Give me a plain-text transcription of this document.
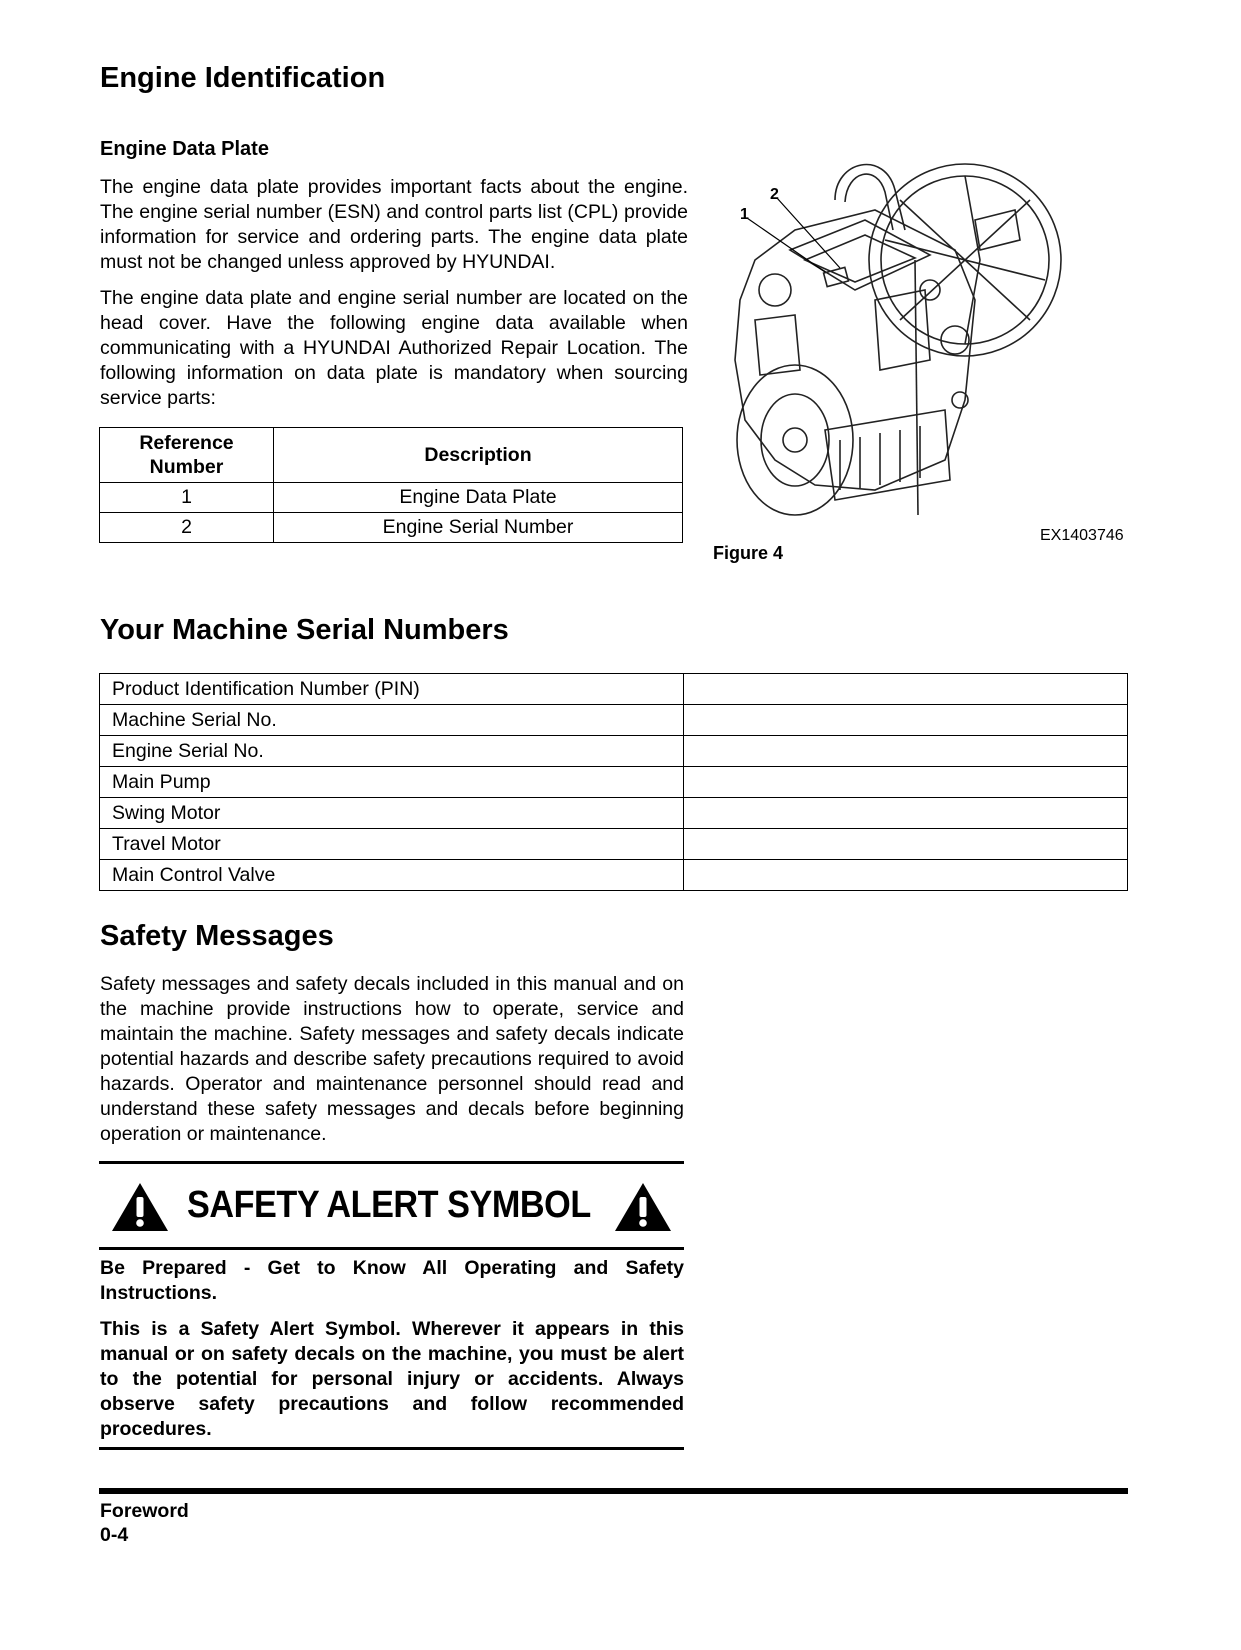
Engine Identification
Engine Data Plate

The engine data plate provides important facts about the engine. The engine serial number (ESN) and control parts list (CPL) provide information for service and ordering parts. The engine data plate must not be changed unless approved by HYUNDAI.

The engine data plate and engine serial number are located on the head cover. Have the following engine data available when communicating with a HYUNDAI Authorized Repair Location. The following information on data plate is mandatory when sourcing service parts:

Reference Number	Description
1	Engine Data Plate
2	Engine Serial Number
1
2
EX1403746
Figure 4
Your Machine Serial Numbers
Product Identification Number (PIN)	
Machine Serial No.	
Engine Serial No.	
Main Pump	
Swing Motor	
Travel Motor	
Main Control Valve	
Safety Messages

Safety messages and safety decals included in this manual and on the machine provide instructions how to operate, service and maintain the machine. Safety messages and safety decals indicate potential hazards and describe safety precautions required to avoid hazards. Operator and maintenance personnel should read and understand these safety messages and decals before beginning operation or maintenance.

SAFETY ALERT SYMBOL

Be Prepared - Get to Know All Operating and Safety Instructions.

This is a Safety Alert Symbol. Wherever it appears in this manual or on safety decals on the machine, you must be alert to the potential for personal injury or accidents. Always observe safety precautions and follow recommended procedures.

Foreword
0-4
